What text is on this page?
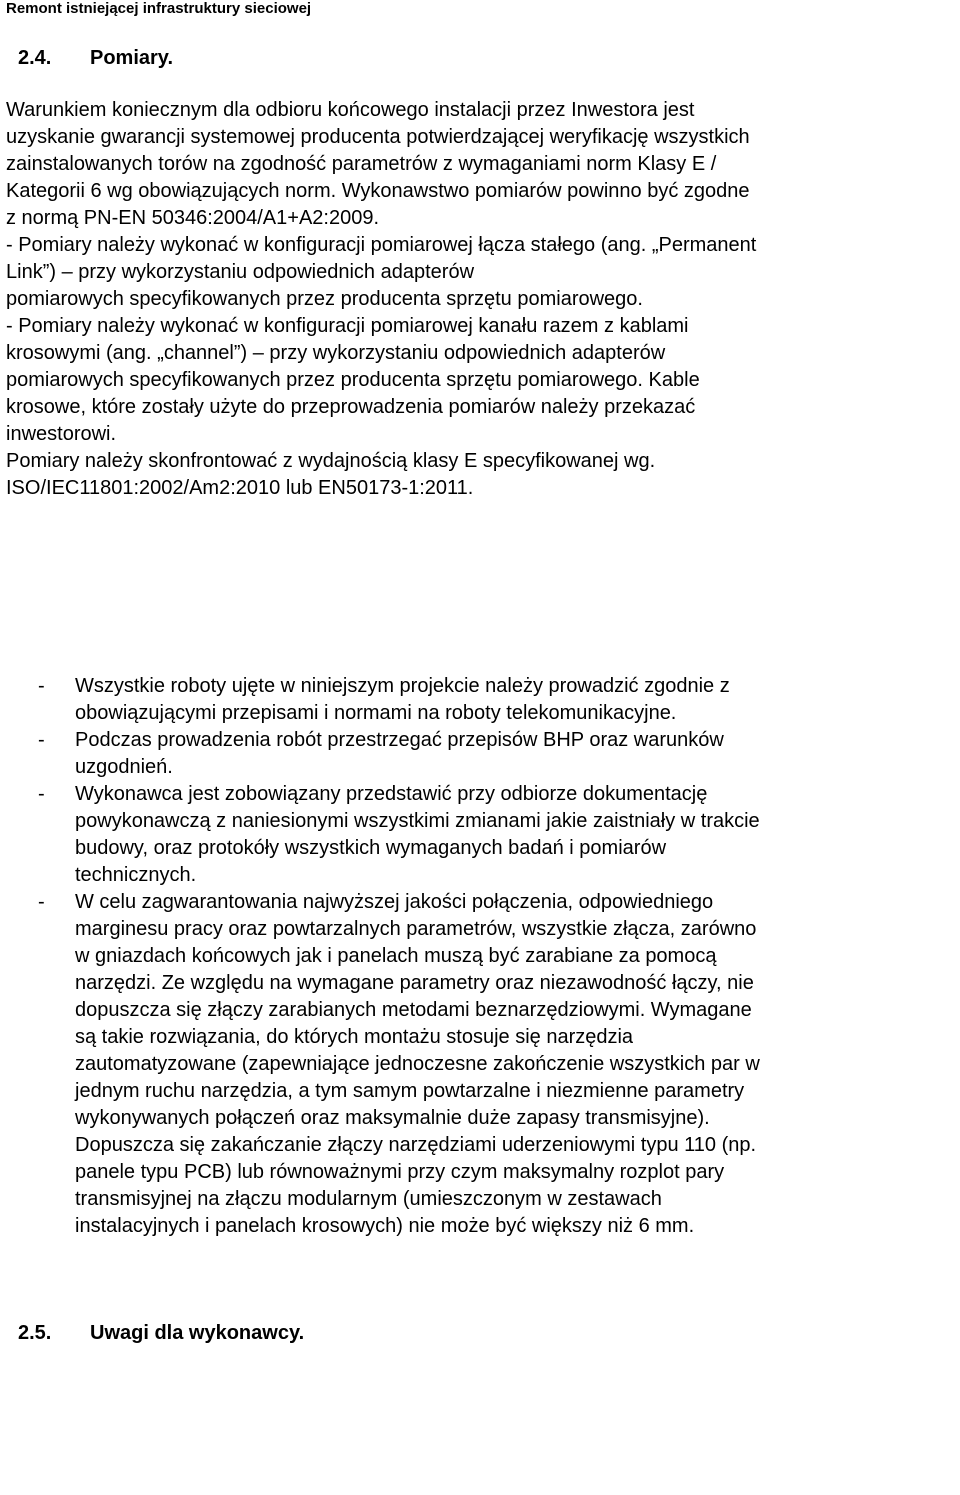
Remont istniejącej infrastruktury sieciowej
2.4. Pomiary.
Warunkiem koniecznym dla odbioru końcowego instalacji przez Inwestora jest
uzyskanie gwarancji systemowej producenta potwierdzającej weryfikację wszystkich
zainstalowanych torów na zgodność parametrów z wymaganiami norm Klasy E /
Kategorii 6 wg obowiązujących norm. Wykonawstwo pomiarów powinno być zgodne
z normą PN-EN 50346:2004/A1+A2:2009.
- Pomiary należy wykonać w konfiguracji pomiarowej łącza stałego (ang. „Permanent
Link”) – przy wykorzystaniu odpowiednich adapterów
pomiarowych specyfikowanych przez producenta sprzętu pomiarowego.
- Pomiary należy wykonać w konfiguracji pomiarowej kanału razem z kablami
krosowymi (ang. „channel”) – przy wykorzystaniu odpowiednich adapterów
pomiarowych specyfikowanych przez producenta sprzętu pomiarowego. Kable
krosowe, które zostały użyte do przeprowadzenia pomiarów należy przekazać
inwestorowi.
Pomiary należy skonfrontować z wydajnością klasy E specyfikowanej wg.
ISO/IEC11801:2002/Am2:2010 lub EN50173-1:2011.
2.5. Uwagi dla wykonawcy.
- Wszystkie roboty ujęte w niniejszym projekcie należy prowadzić zgodnie z
obowiązującymi przepisami i normami na roboty telekomunikacyjne.
- Podczas prowadzenia robót przestrzegać przepisów BHP oraz warunków
uzgodnień.
- Wykonawca jest zobowiązany przedstawić przy odbiorze dokumentację
powykonawczą z naniesionymi wszystkimi zmianami jakie zaistniały w trakcie
budowy, oraz protokóły wszystkich wymaganych badań i pomiarów
technicznych.
- W celu zagwarantowania najwyższej jakości połączenia, odpowiedniego
marginesu pracy oraz powtarzalnych parametrów, wszystkie złącza, zarówno
w gniazdach końcowych jak i panelach muszą być zarabiane za pomocą
narzędzi. Ze względu na wymagane parametry oraz niezawodność łączy, nie
dopuszcza się złączy zarabianych metodami beznarzędziowymi. Wymagane
są takie rozwiązania, do których montażu stosuje się narzędzia
zautomatyzowane (zapewniające jednoczesne zakończenie wszystkich par w
jednym ruchu narzędzia, a tym samym powtarzalne i niezmienne parametry
wykonywanych połączeń oraz maksymalnie duże zapasy transmisyjne).
Dopuszcza się zakańczanie złączy narzędziami uderzeniowymi typu 110 (np.
panele typu PCB) lub równoważnymi przy czym maksymalny rozplot pary
transmisyjnej na złączu modularnym (umieszczonym w zestawach
instalacyjnych i panelach krosowych) nie może być większy niż 6 mm.
